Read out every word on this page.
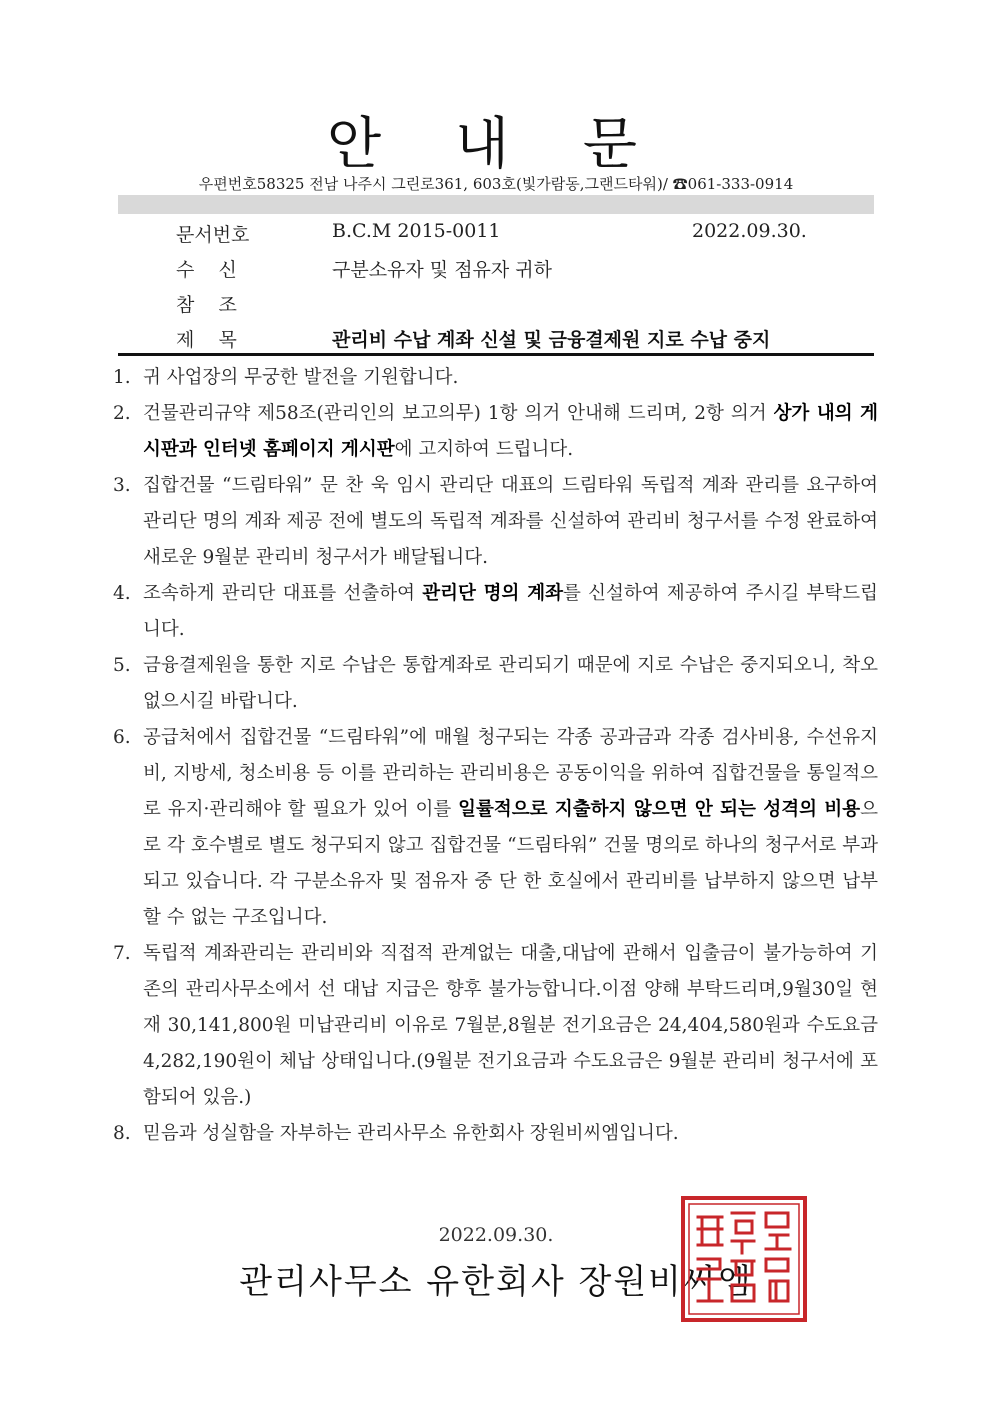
안 내 문
우편번호58325 전남 나주시 그린로361, 603호(빛가람동,그랜드타워)/ ☎061-333-0914
문서번호	B.C.M 2015-0011	2022.09.30.
수    신	구분소유자 및 점유자 귀하
참    조
제    목	관리비 수납 계좌 신설 및 금융결제원 지로 수납 중지
1. 귀 사업장의 무궁한 발전을 기원합니다.
2. 건물관리규약 제58조(관리인의 보고의무) 1항 의거 안내해 드리며, 2항 의거 상가 내의 게시판과 인터넷 홈페이지 게시판에 고지하여 드립니다.
3. 집합건물 “드림타워” 문 찬 욱 임시 관리단 대표의 드림타워 독립적 계좌 관리를 요구하여 관리단 명의 계좌 제공 전에 별도의 독립적 계좌를 신설하여 관리비 청구서를 수정 완료하여 새로운 9월분 관리비 청구서가 배달됩니다.
4. 조속하게 관리단 대표를 선출하여 관리단 명의 계좌를 신설하여 제공하여 주시길 부탁드립니다.
5. 금융결제원을 통한 지로 수납은 통합계좌로 관리되기 때문에 지로 수납은 중지되오니, 착오 없으시길 바랍니다.
6. 공급처에서 집합건물 “드림타워”에 매월 청구되는 각종 공과금과 각종 검사비용, 수선유지비, 지방세, 청소비용 등 이를 관리하는 관리비용은 공동이익을 위하여 집합건물을 통일적으로 유지·관리해야 할 필요가 있어 이를 일률적으로 지출하지 않으면 안 되는 성격의 비용으로 각 호수별로 별도 청구되지 않고 집합건물 “드림타워” 건물 명의로 하나의 청구서로 부과되고 있습니다. 각 구분소유자 및 점유자 중 단 한 호실에서 관리비를 납부하지 않으면 납부할 수 없는 구조입니다.
7. 독립적 계좌관리는 관리비와 직접적 관계없는 대출,대납에 관해서 입출금이 불가능하여 기존의 관리사무소에서 선 대납 지급은 향후 불가능합니다.이점 양해 부탁드리며,9월30일 현재 30,141,800원 미납관리비 이유로 7월분,8월분 전기요금은 24,404,580원과 수도요금 4,282,190원이 체납 상태입니다.(9월분 전기요금과 수도요금은 9월분 관리비 청구서에 포함되어 있음.)
8. 믿음과 성실함을 자부하는 관리사무소 유한회사 장원비씨엠입니다.
2022.09.30.
관리사무소 유한회사 장원비씨엠
